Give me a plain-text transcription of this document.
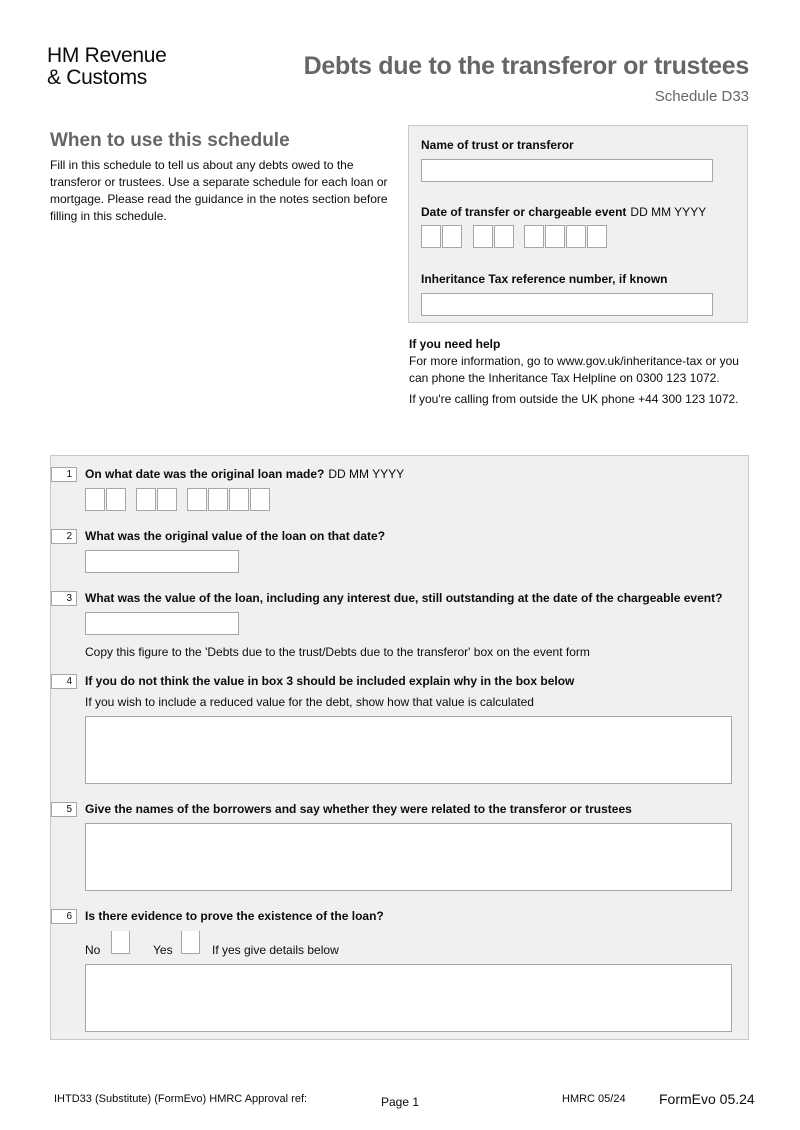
HM Revenue
& Customs	Debts due to the transferor or trustees
Schedule D33
When to use this schedule
Fill in this schedule to tell us about any debts owed to the transferor or trustees. Use a separate schedule for each loan or mortgage. Please read the guidance in the notes section before filling in this schedule.
Name of trust or transferor
Date of transfer or chargeable event DD MM YYYY
Inheritance Tax reference number, if known
If you need help

For more information, go to www.gov.uk/inheritance-tax or you can phone the Inheritance Tax Helpline on 0300 123 1072.

If you're calling from outside the UK phone +44 300 123 1072.

1	On what date was the original loan made? DD MM YYYY
2	What was the original value of the loan on that date?
3	What was the value of the loan, including any interest due, still outstanding at the date of the chargeable event?
Copy this figure to the 'Debts due to the trust/Debts due to the transferor' box on the event form
4	If you do not think the value in box 3 should be included explain why in the box below
If you wish to include a reduced value for the debt, show how that value is calculated
5	Give the names of the borrowers and say whether they were related to the transferor or trustees
6	Is there evidence to prove the existence of the loan?
No	Yes	If yes give details below
IHTD33 (Substitute) (FormEvo) HMRC Approval ref:	Page 1	HMRC 05/24 FormEvo 05.24
